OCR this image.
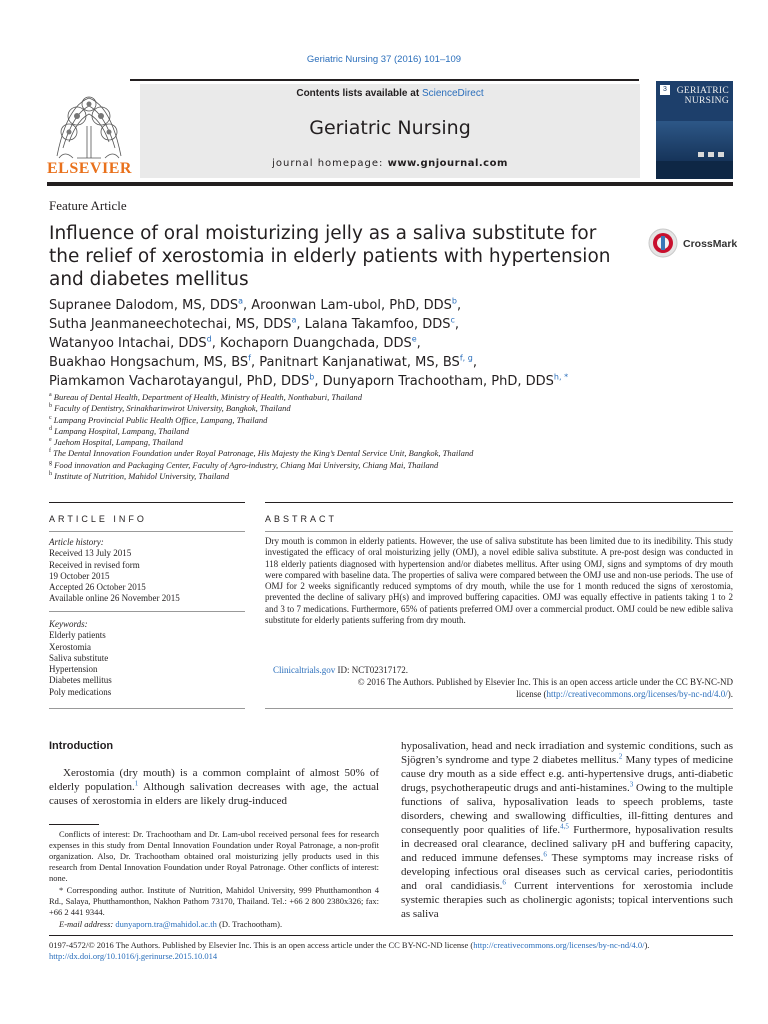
Geriatric Nursing 37 (2016) 101–109
ELSEVIER
Contents lists available at ScienceDirect
Geriatric Nursing
journal homepage: www.gnjournal.com
3	GERIATRIC
NURSING
Feature Article
Influence of oral moisturizing jelly as a saliva substitute for the relief of xerostomia in elderly patients with hypertension and diabetes mellitus
CrossMark
Supranee Dalodom, MS, DDS$^a$, Aroonwan Lam-ubol, PhD, DDS$^b$,
Sutha Jeanmaneechotechai, MS, DDS$^a$, Lalana Takamfoo, DDS$^c$,
Watanyoo Intachai, DDS$^d$, Kochaporn Duangchada, DDS$^e$,
Buakhao Hongsachum, MS, $BS^f$, Panitnart Kanjanatiwat, MS, BS$^{f, g}$,
Piamkamon Vacharotayangul, PhD, DDS$^b$, Dunyaporn Trachootham, PhD, $DDS^{h, *}$
$^a$ Bureau of Dental Health, Department of Health, Ministry of Health, Nonthaburi, Thailand
$^b$ Faculty of Dentistry, Srinakharinwirot University, Bangkok, Thailand
$^c$ Lampang Provincial Public Health Office, Lampang, Thailand
$^d$ Lampang Hospital, Lampang, Thailand
$^e$ Jaehom Hospital, Lampang, Thailand
$^f$ The Dental Innovation Foundation under Royal Patronage, His Majesty the King’s Dental Service Unit, Bangkok, Thailand
$^g$ Food innovation and Packaging Center, Faculty of Agro-industry, Chiang Mai University, Chiang Mai, Thailand
$^h$ Institute of Nutrition, Mahidol University, Thailand
ARTICLE INFO	ABSTRACT
Article history:
Received 13 July 2015
Received in revised form
19 October 2015
Accepted 26 October 2015
Available online 26 November 2015
Keywords:
Elderly patients
Xerostomia
Saliva substitute
Hypertension
Diabetes mellitus
Poly medications
Dry mouth is common in elderly patients. However, the use of saliva substitute has been limited due to its inedibility. This study investigated the efficacy of oral moisturizing jelly (OMJ), a novel edible saliva substitute. A pre-post design was conducted in 118 elderly patients diagnosed with hypertension and/or diabetes mellitus. After using OMJ, signs and symptoms of dry mouth were compared with baseline data. The properties of saliva were compared between the OMJ use and non-use periods. The use of OMJ for 2 weeks significantly reduced symptoms of dry mouth, while the use for 1 month reduced the signs of xerostomia, prevented the decline of salivary pH(s) and improved buffering capacities. OMJ was equally effective in patients taking 1 to 2 and 3 to 7 medications. Furthermore, 65% of patients preferred OMJ over a commercial product. OMJ could be new edible saliva substitute for elderly patients suffering from dry mouth.
Clinicaltrials.gov ID: NCT02317172.
© 2016 The Authors. Published by Elsevier Inc. This is an open access article under the CC BY-NC-ND
license (http://creativecommons.org/licenses/by-nc-nd/4.0/).
Introduction
Xerostomia (dry mouth) is a common complaint of almost 50% of elderly population.$^1$ Although salivation decreases with age, the actual causes of xerostomia in elders are likely drug-induced
hyposalivation, head and neck irradiation and systemic conditions, such as Sjögren’s syndrome and type 2 diabetes mellitus.$^2$ Many types of medicine cause dry mouth as a side effect e.g. anti-hypertensive drugs, anti-diabetic drugs, psychotherapeutic drugs and anti-histamines.$^3$ Owing to the multiple functions of saliva, hyposalivation leads to speech problems, taste disorders, chewing and swallowing difficulties, ill-fitting dentures and consequently poor qualities of life.$^{4,5}$ Furthermore, hyposalivation results in decreased oral clearance, declined salivary pH and buffering capacity, and reduced immune defenses.$^6$ These symptoms may increase risks of developing infectious oral diseases such as cervical caries, periodontitis and oral candidiasis.$^6$ Current interventions for xerostomia include systemic therapies such as cholinergic agonists; topical interventions such as saliva

Conflicts of interest: Dr. Trachootham and Dr. Lam-ubol received personal fees for research expenses in this study from Dental Innovation Foundation under Royal Patronage, a non-profit organization. Also, Dr. Trachootham obtained oral moisturizing jelly products used in this research from Dental Innovation Foundation under Royal Patronage. Other conflicts of interest: none.

* Corresponding author. Institute of Nutrition, Mahidol University, 999 Phutthamonthon 4 Rd., Salaya, Phutthamonthon, Nakhon Pathom 73170, Thailand. Tel.: +66 2 800 2380x326; fax: +66 2 441 9344.

E-mail address: dunyaporn.tra@mahidol.ac.th (D. Trachootham).

0197-4572/© 2016 The Authors. Published by Elsevier Inc. This is an open access article under the CC BY-NC-ND license (http://creativecommons.org/licenses/by-nc-nd/4.0/).
http://dx.doi.org/10.1016/j.gerinurse.2015.10.014
